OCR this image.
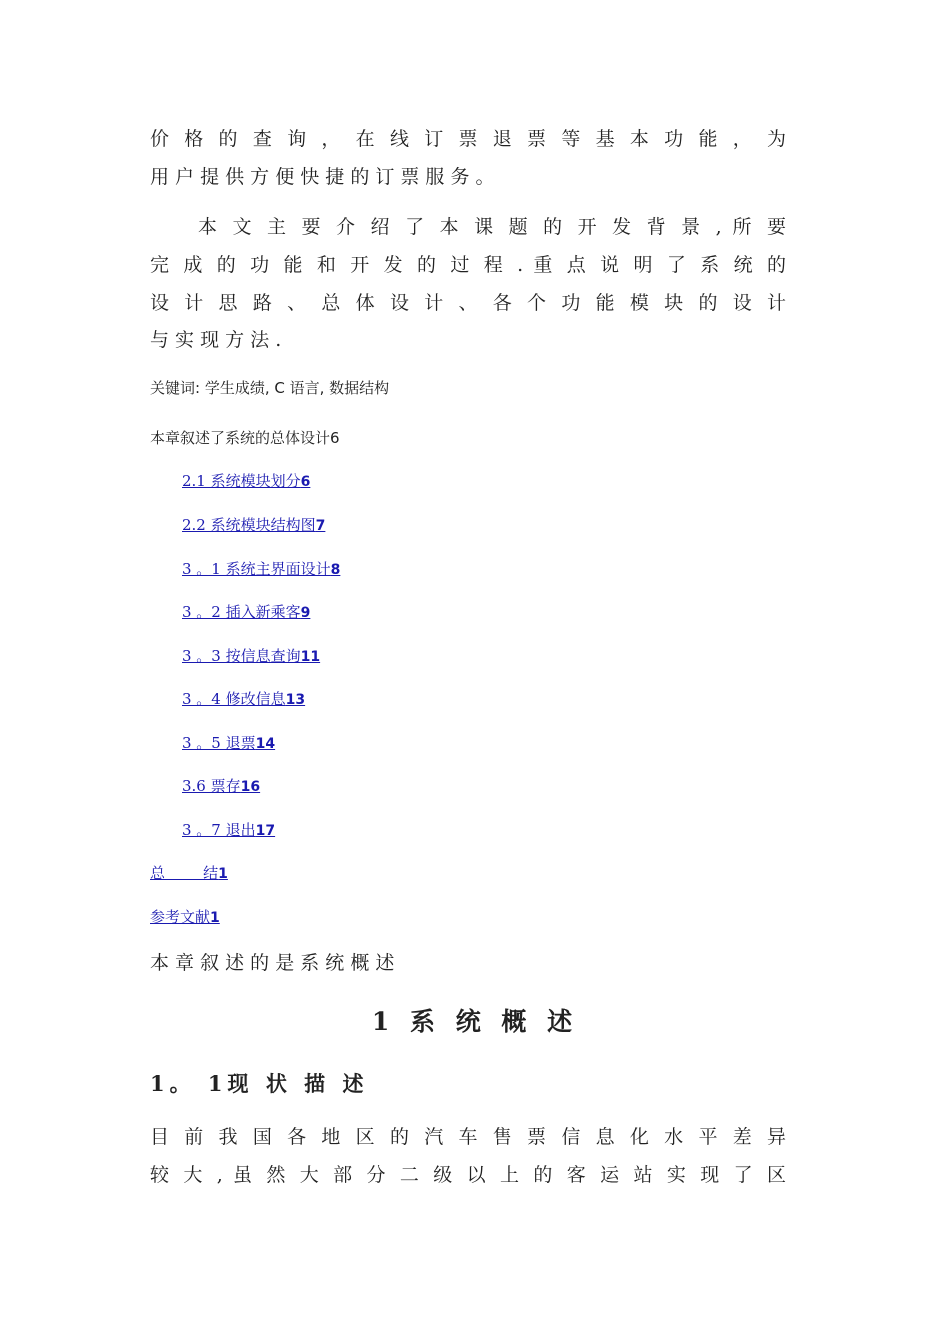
价 格 的 查 询 ， 在 线 订 票 退 票 等 基 本 功 能 ， 为
用 户 提 供 方 便 快 捷 的 订 票 服 务 。
本 文 主 要 介 绍 了 本 课 题 的 开 发 背 景 , 所 要
完 成 的 功 能 和 开 发 的 过 程 . 重 点 说 明 了 系 统 的
设 计 思 路 、 总 体 设 计 、 各 个 功 能 模 块 的 设 计
与 实 现 方 法 .
关键词: 学生成绩, C 语言, 数据结构
本章叙述了系统的总体设计6
2.1 系统模块划分6
2.2 系统模块结构图7
3 。1 系统主界面设计8
3 。2 插入新乘客9
3 。3 按信息查询11
3 。4 修改信息13
3 。5 退票14
3.6 票存16
3 。7 退出17
总        结1
参考文献1
本 章 叙 述 的 是 系 统 概 述
1 系 统 概 述
1。 1现 状 描 述
目 前 我 国 各 地 区 的 汽 车 售 票 信 息 化 水 平 差 异
较 大 , 虽 然 大 部 分 二 级 以 上 的 客 运 站 实 现 了 区
